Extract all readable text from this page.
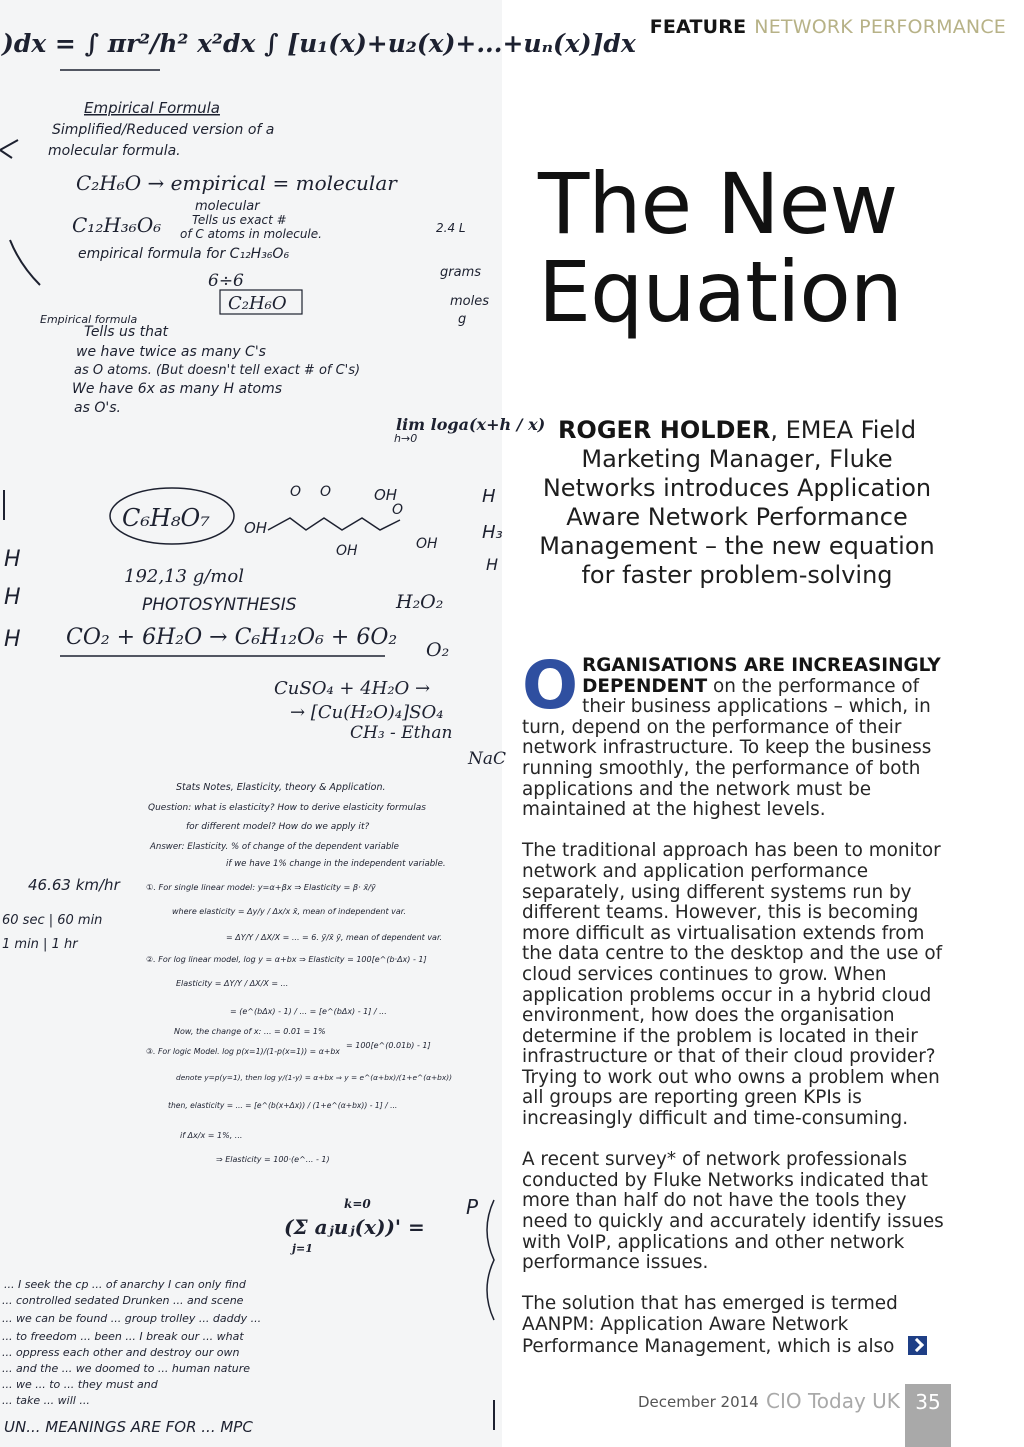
)dx = ∫ πr²/h² x²dx ∫ [u₁(x)+u₂(x)+...+uₙ(x)]dx
Empirical Formula
Simplified/Reduced version of a
molecular formula.
C₂H₆O → empirical = molecular
C₁₂H₃₆O₆
molecular
Tells us exact #
of C atoms in molecule.
empirical formula for C₁₂H₃₆O₆
6÷6
C₂H₆O
Empirical formula
Tells us that
we have twice as many C's
as O atoms. (But doesn't tell exact # of C's)
We have 6x as many H atoms
as O's.
2.4 L
grams
moles
g
lim loga(x+h / x)
h→0
C₆H₈O₇ OH
OH
OH	OH
O O
O
192,13 g/mol
PHOTOSYNTHESIS
CO₂ + 6H₂O → C₆H₁₂O₆ + 6O₂
H₂O₂
O₂
CuSO₄ + 4H₂O →
→ [Cu(H₂O)₄]SO₄
CH₃ - Ethan
NaC
H
H
H
H
H₃
H
Stats Notes, Elasticity, theory & Application.
Question: what is elasticity? How to derive elasticity formulas
for different model? How do we apply it?
Answer: Elasticity. % of change of the dependent variable
if we have 1% change in the independent variable.
①. For single linear model: y=α+βx ⇒ Elasticity = β· x̄/ȳ
where elasticity = Δy/y / Δx/x x̄, mean of independent var.
= ΔY/Y / ΔX/X = ... = 6. ȳ/x̄ ȳ, mean of dependent var.
②. For log linear model, log y = α+bx ⇒ Elasticity = 100[e^(b·Δx) - 1]
Elasticity = ΔY/Y / ΔX/X = ...
= (e^(bΔx) - 1) / ... = [e^(bΔx) - 1] / ...
Now, the change of x: ... = 0.01 = 1%
= 100[e^(0.01b) - 1]
③. For logic Model. log p(x=1)/(1-p(x=1)) = α+bx
denote y=p(y=1), then log y/(1-y) = α+bx ⇒ y = e^(α+bx)/(1+e^(α+bx))
then, elasticity = ... = [e^(b(x+Δx)) / (1+e^(α+bx)) - 1] / ...
if Δx/x = 1%, ...
⇒ Elasticity = 100·(e^... - 1)
46.63 km/hr
60 sec | 60 min
1 min | 1 hr
k=0
(Σ aⱼuⱼ(x))' =
j=1
P
... I seek the cp ... of anarchy I can only find
... controlled sedated Drunken ... and scene
... we can be found ... group trolley ... daddy ...
... to freedom ... been ... I break our ... what
... oppress each other and destroy our own
... and the ... we doomed to ... human nature
... we ... to ... they must and
... take ... will ...
UN... MEANINGS ARE FOR ... MPC
FEATURE NETWORK PERFORMANCE
The New
Equation
ROGER HOLDER, EMEA Field Marketing Manager, Fluke Networks introduces Application Aware Network Performance Management – the new equation for faster problem-solving

ORGANISATIONS ARE INCREASINGLY DEPENDENT on the performance of their business applications – which, in turn, depend on the performance of their network infrastructure. To keep the business running smoothly, the performance of both applications and the network must be maintained at the highest levels.

The traditional approach has been to monitor network and application performance separately, using different systems run by different teams. However, this is becoming more difficult as virtualisation extends from the data centre to the desktop and the use of cloud services continues to grow. When application problems occur in a hybrid cloud environment, how does the organisation determine if the problem is located in their infrastructure or that of their cloud provider? Trying to work out who owns a problem when all groups are reporting green KPIs is increasingly difficult and time-consuming.

A recent survey* of network professionals conducted by Fluke Networks indicated that more than half do not have the tools they need to quickly and accurately identify issues with VoIP, applications and other network performance issues.

The solution that has emerged is termed AANPM: Application Aware Network Performance Management, which is also

December 2014 CIO Today UK 35
